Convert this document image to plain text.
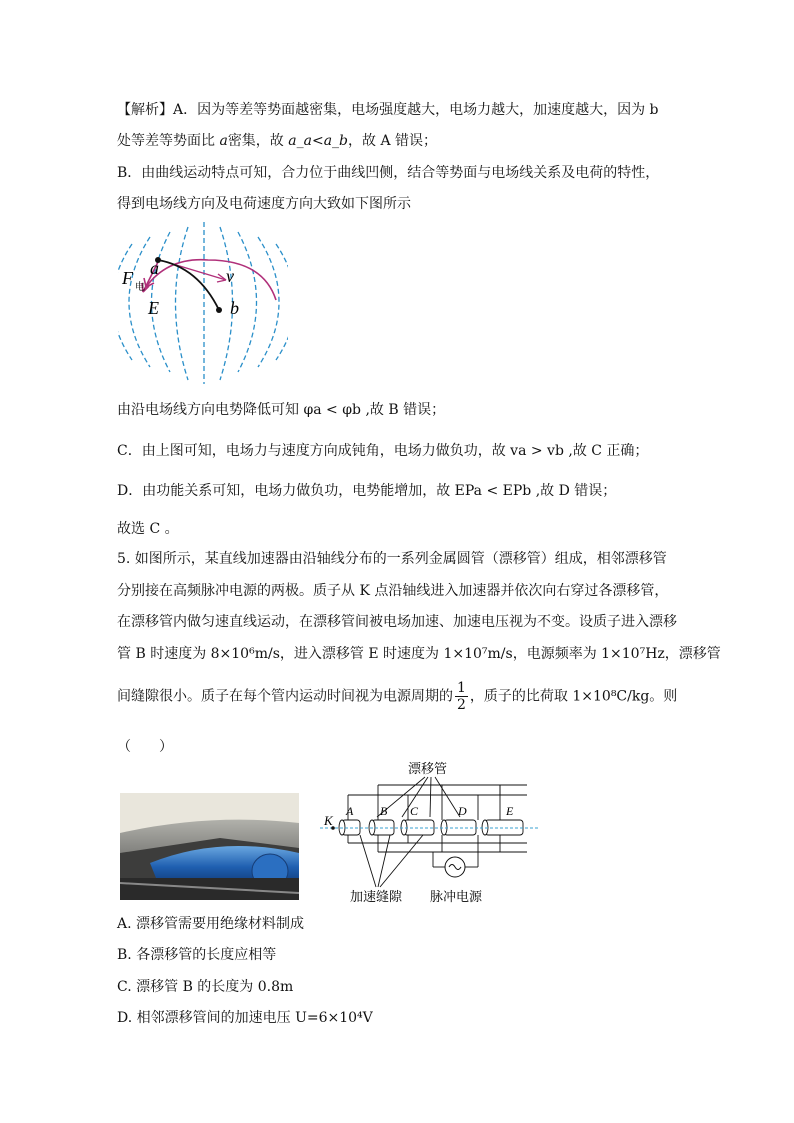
【解析】A．因为等差等势面越密集，电场强度越大，电场力越大，加速度越大，因为 b
处等差等势面比 a密集，故 a_a<a_b，故 A 错误；
B．由曲线运动特点可知，合力位于曲线凹侧，结合等势面与电场线关系及电荷的特性，
得到电场线方向及电荷速度方向大致如下图所示
F 电
a	v
E	b
由沿电场线方向电势降低可知 φa < φb ,故 B 错误；
C．由上图可知，电场力与速度方向成钝角，电场力做负功，故 va > vb ,故 C 正确；
D．由功能关系可知，电场力做负功，电势能增加，故 EPa < EPb ,故 D 错误；
故选 C 。
5. 如图所示，某直线加速器由沿轴线分布的一系列金属圆管（漂移管）组成，相邻漂移管
分别接在高频脉冲电源的两极。质子从 K 点沿轴线进入加速器并依次向右穿过各漂移管，
在漂移管内做匀速直线运动，在漂移管间被电场加速、加速电压视为不变。设质子进入漂移
管 B 时速度为 8×10⁶m/s，进入漂移管 E 时速度为 1×10⁷m/s，电源频率为 1×10⁷Hz，漂移管
间缝隙很小。质子在每个管内运动时间视为电源周期的 $\frac{1}{2}$ ，质子的比荷取 1×10⁸C/kg。则
（　　）
漂移管
K
A B C	D	E
加速缝隙 脉冲电源
A. 漂移管需要用绝缘材料制成
B. 各漂移管的长度应相等
C. 漂移管 B 的长度为 0.8m
D. 相邻漂移管间的加速电压 U=6×10⁴V
